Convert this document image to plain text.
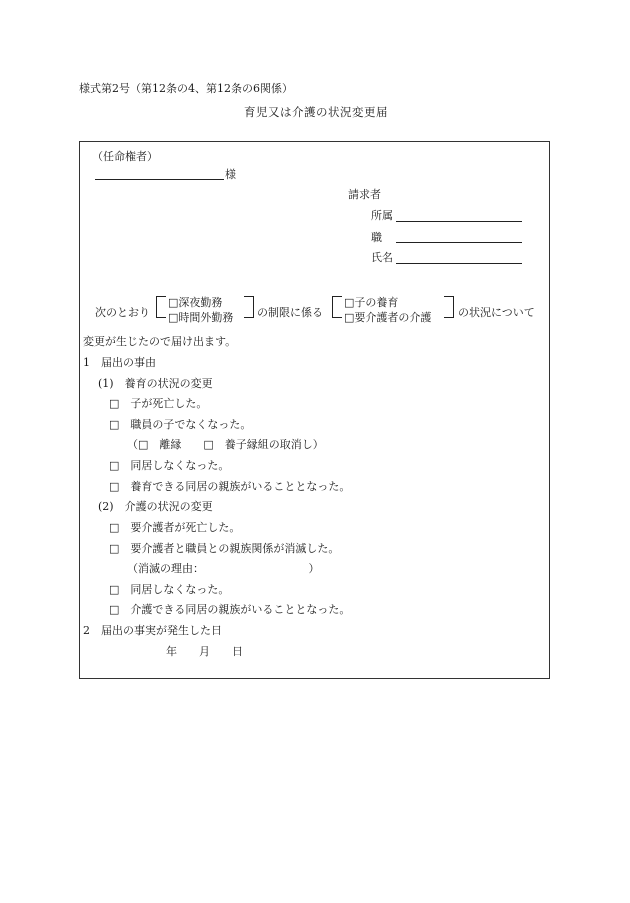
様式第2号（第12条の4、第12条の6関係）
育児又は介護の状況変更届
（任命権者）
様
請求者
所属
職
氏名
次のとおり
□深夜勤務
□時間外勤務 の制限に係る
□子の養育
□要介護者の介護 の状況について
変更が生じたので届け出ます。
1　届出の事由
(1)　養育の状況の変更
□　子が死亡した。
□　職員の子でなくなった。
（□　離縁　　□　養子縁組の取消し）
□　同居しなくなった。
□　養育できる同居の親族がいることとなった。
(2)　介護の状況の変更
□　要介護者が死亡した。
□　要介護者と職員との親族関係が消滅した。
（消滅の理由：　　　　　　　　　　）
□　同居しなくなった。
□　介護できる同居の親族がいることとなった。
2　届出の事実が発生した日
年　　月　　日
